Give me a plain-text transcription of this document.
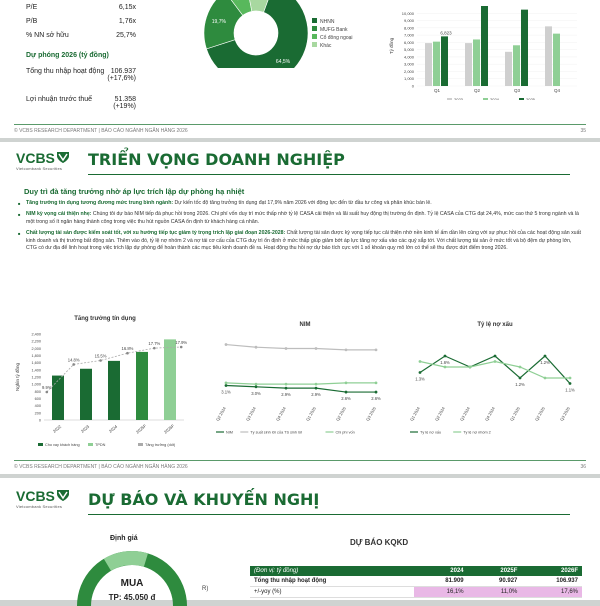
P/E	6,15x
P/B	1,76x
% NN sở hữu	25,7%
Dự phóng 2026 (tỷ đồng)
Tổng thu nhập hoạt động 106.937
(+17,6%)
Lợi nhuận trước thuế	51.358
(+19%)
64,5%
19,7%	NHNN
MUFG Bank
Cổ đông ngoại
Khác
0
1,000
2,000
3,000
4,000
5,000
6,000
7,000
8,000
9,000
10,000
Tỷ đồng
Q1	Q2	Q3	Q4
6,823
2023	2024	2025
© VCBS RESEARCH DEPARTMENT | BÁO CÁO NGÀNH NGÂN HÀNG 2026	35
VCBS
Vietcombank Securities	TRIỂN VỌNG DOANH NGHIỆP
Duy trì đà tăng trưởng nhờ áp lực trích lập dự phòng hạ nhiệt
■ Tăng trưởng tín dụng tương đương mức trung bình ngành: Dự kiến tốc độ tăng trưởng tín dụng đạt 17,9% năm 2026 với động lực đến từ đầu tư công và phân khúc bán lẻ.
■ NIM kỳ vọng cải thiện nhẹ: Chúng tôi dự báo NIM tiếp đà phục hồi trong 2026. Chi phí vốn duy trì mức thấp nhờ tỷ lệ CASA cải thiện và lãi suất huy động thị trường ổn định. Tỷ lệ CASA của CTG đạt 24,4%, mức cao thứ 5 trong ngành và là một trong số ít ngân hàng thành công trong việc thu hút nguồn CASA ổn định từ khách hàng cá nhân.
■ Chất lượng tài sản được kiểm soát tốt, với xu hướng tiếp tục giảm tỷ trọng trích lập giai đoạn 2026-2028: Chất lượng tài sản được kỳ vọng tiếp tục cải thiện nhờ nền kinh tế ấm dần lên cùng với sự phục hồi của các hoạt động sản xuất kinh doanh và thị trường bất động sản. Thêm vào đó, tỷ lệ nợ nhóm 2 và nợ tái cơ cấu của CTG duy trì ổn định ở mức thấp giúp giảm bớt áp lực tăng nợ xấu vào các quý sắp tới. Với chất lượng tài sản ở mức tốt và bộ đệm dự phòng lớn, CTG có dư địa để linh hoạt trong việc trích lập dự phòng để hoàn thành các mục tiêu kinh doanh đề ra. Hoạt động thu hồi nợ dự báo tích cực với 1 số khoản quy mô lớn có thể sẽ thu được dứt điểm trong 2026.
Tăng trưởng tín dụng
0
200
400
600
800
1,000
1,200
1,400
1,600
1,800
2,000
2,200
2,400
Nghìn tỷ đồng
2022	2023	2024	2025F	2026F
9.9%
14.8%
15.5%
16.8%
17.7%	17.9%
Cho vay khách hàng	TPDN	Tăng trưởng (dốt)
NIM
3.1%	3.0%	2.9%	2.9%
2.6%	2.6%
Q2 2024	Q3 2024	Q4 2024	Q1 2025	Q2 2025	Q3 2025
NIM	Tỷ suất sinh lời của TS sinh lời	Chi phí vốn
Tỷ lệ nợ xấu
1.3%
1.6%
1.2%
1.2%
1.1%
Q1 2024	Q2 2024	Q3 2024	Q4 2024	Q1 2025	Q2 2025	Q3 2025
Tỷ lệ nợ xấu	Tỷ lệ nợ nhóm 2
© VCBS RESEARCH DEPARTMENT | BÁO CÁO NGÀNH NGÂN HÀNG 2026	36
VCBS
Vietcombank Securities	DỰ BÁO VÀ KHUYẾN NGHỊ
Định giá
MUA
TP: 45.050 đ
R)
DỰ BÁO KQKD
(Đơn vị: tỷ đồng)	2024	2025F	2026F
Tổng thu nhập hoạt động	81.909	90.927	106.937
+/-yoy (%)	16,1%	11,0%	17,6%
